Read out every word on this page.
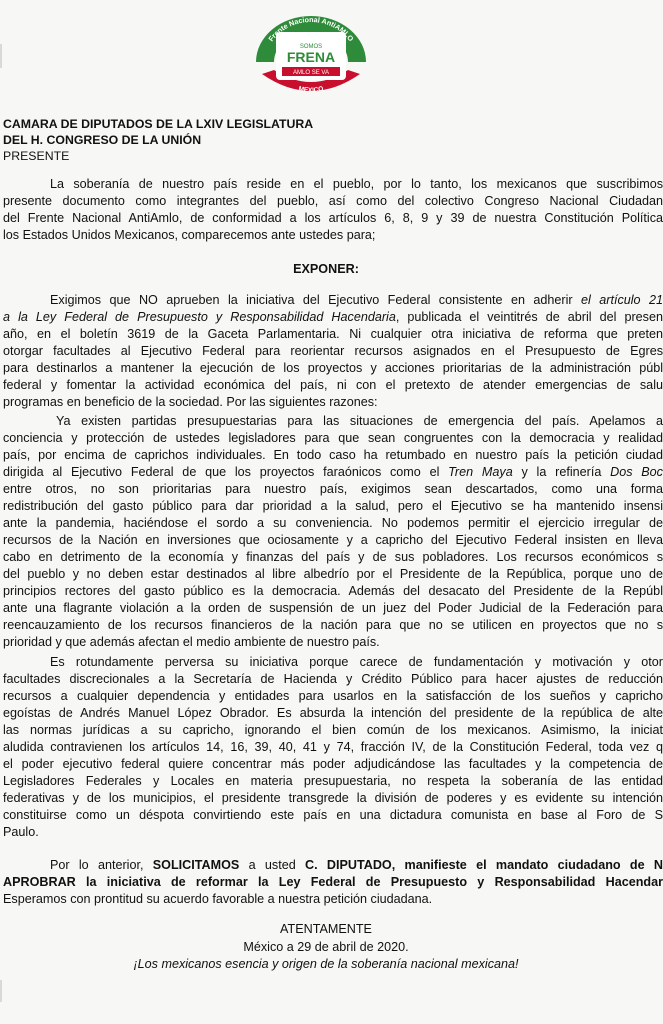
Frente Nacional AntiAMLO
SOMOS
FRENA
AMLO SE VA
MEXICO
CAMARA DE DIPUTADOS DE LA LXIV LEGISLATURA
DEL H. CONGRESO DE LA UNIÓN
PRESENTE
La soberanía de nuestro país reside en el pueblo, por lo tanto, los mexicanos que suscribimos
presente documento como integrantes del pueblo, así como del colectivo Congreso Nacional Ciudadan
del Frente Nacional AntiAmlo, de conformidad a los artículos 6, 8, 9 y 39 de nuestra Constitución Política
los Estados Unidos Mexicanos, comparecemos ante ustedes para;
EXPONER:
Exigimos que NO aprueben la iniciativa del Ejecutivo Federal consistente en adherir el artículo 21
a la Ley Federal de Presupuesto y Responsabilidad Hacendaria, publicada el veintitrés de abril del presen
año, en el boletín 3619 de la Gaceta Parlamentaria. Ni cualquier otra iniciativa de reforma que preten
otorgar facultades al Ejecutivo Federal para reorientar recursos asignados en el Presupuesto de Egres
para destinarlos a mantener la ejecución de los proyectos y acciones prioritarias de la administración públ
federal y fomentar la actividad económica del país, ni con el pretexto de atender emergencias de salu
programas en beneficio de la sociedad. Por las siguientes razones:
Ya existen partidas presupuestarias para las situaciones de emergencia del país. Apelamos a
conciencia y protección de ustedes legisladores para que sean congruentes con la democracia y realidad
país, por encima de caprichos individuales. En todo caso ha retumbado en nuestro país la petición ciudad
dirigida al Ejecutivo Federal de que los proyectos faraónicos como el Tren Maya y la refinería Dos Boc
entre otros, no son prioritarias para nuestro país, exigimos sean descartados, como una forma
redistribución del gasto público para dar prioridad a la salud, pero el Ejecutivo se ha mantenido insensi
ante la pandemia, haciéndose el sordo a su conveniencia. No podemos permitir el ejercicio irregular de
recursos de la Nación en inversiones que ociosamente y a capricho del Ejecutivo Federal insisten en lleva
cabo en detrimento de la economía y finanzas del país y de sus pobladores. Los recursos económicos s
del pueblo y no deben estar destinados al libre albedrío por el Presidente de la República, porque uno de
principios rectores del gasto público es la democracia. Además del desacato del Presidente de la Repúbl
ante una flagrante violación a la orden de suspensión de un juez del Poder Judicial de la Federación para
reencauzamiento de los recursos financieros de la nación para que no se utilicen en proyectos que no s
prioridad y que además afectan el medio ambiente de nuestro país.
Es rotundamente perversa su iniciativa porque carece de fundamentación y motivación y otor
facultades discrecionales a la Secretaría de Hacienda y Crédito Público para hacer ajustes de reducción
recursos a cualquier dependencia y entidades para usarlos en la satisfacción de los sueños y capricho
egoístas de Andrés Manuel López Obrador. Es absurda la intención del presidente de la república de alte
las normas jurídicas a su capricho, ignorando el bien común de los mexicanos. Asimismo, la iniciat
aludida contravienen los artículos 14, 16, 39, 40, 41 y 74, fracción IV, de la Constitución Federal, toda vez q
el poder ejecutivo federal quiere concentrar más poder adjudicándose las facultades y la competencia de
Legisladores Federales y Locales en materia presupuestaria, no respeta la soberanía de las entidad
federativas y de los municipios, el presidente transgrede la división de poderes y es evidente su intención
constituirse como un déspota convirtiendo este país en una dictadura comunista en base al Foro de S
Paulo.
Por lo anterior, SOLICITAMOS a usted C. DIPUTADO, manifieste el mandato ciudadano de N
APROBRAR la iniciativa de reformar la Ley Federal de Presupuesto y Responsabilidad Hacendar
Esperamos con prontitud su acuerdo favorable a nuestra petición ciudadana.
ATENTAMENTE
México a 29 de abril de 2020.
¡Los mexicanos esencia y origen de la soberanía nacional mexicana!
